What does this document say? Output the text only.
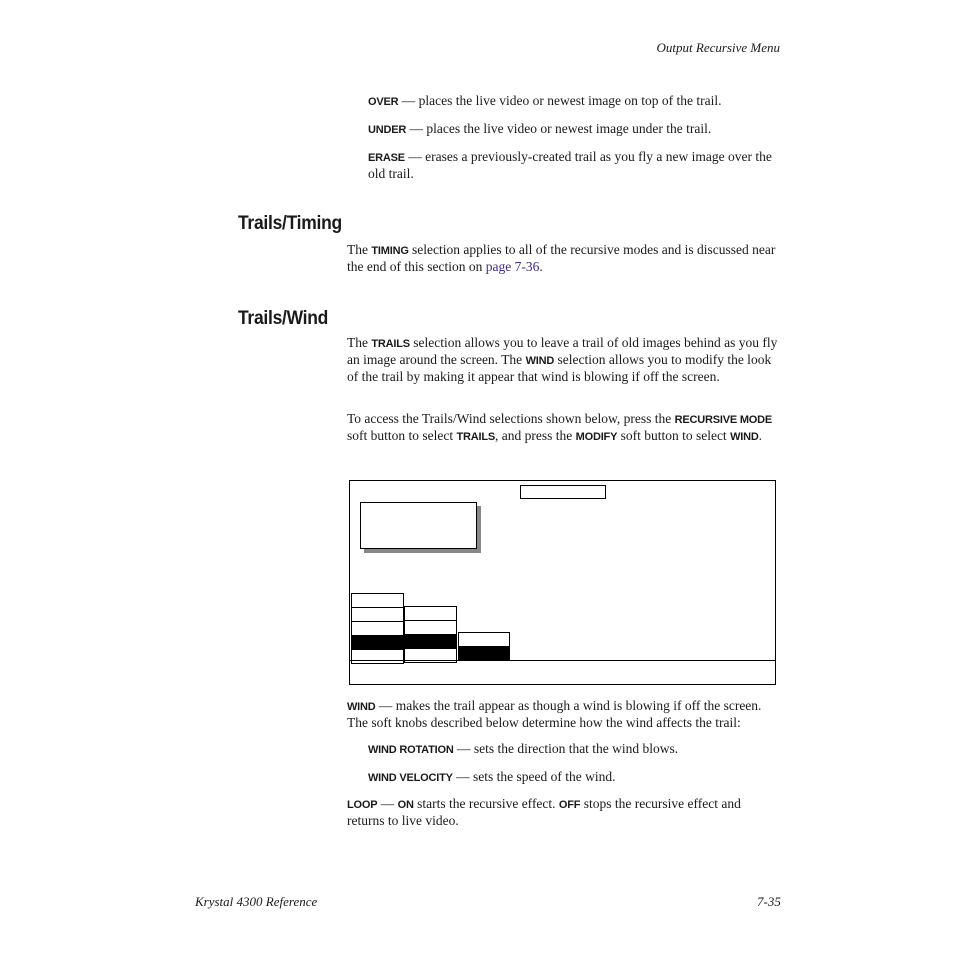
Output Recursive Menu

OVER — places the live video or newest image on top of the trail.

UNDER — places the live video or newest image under the trail.

ERASE — erases a previously-created trail as you fly a new image over the old trail.

Trails/Timing

The TIMING selection applies to all of the recursive modes and is discussed near the end of this section on page 7-36.

Trails/Wind

The TRAILS selection allows you to leave a trail of old images behind as you fly an image around the screen. The WIND selection allows you to modify the look of the trail by making it appear that wind is blowing if off the screen.

To access the Trails/Wind selections shown below, press the RECURSIVE MODE soft button to select TRAILS, and press the MODIFY soft button to select WIND.

WIND — makes the trail appear as though a wind is blowing if off the screen. The soft knobs described below determine how the wind affects the trail:

WIND ROTATION — sets the direction that the wind blows.

WIND VELOCITY — sets the speed of the wind.

LOOP — ON starts the recursive effect. OFF stops the recursive effect and returns to live video.

Krystal 4300 Reference	7-35
